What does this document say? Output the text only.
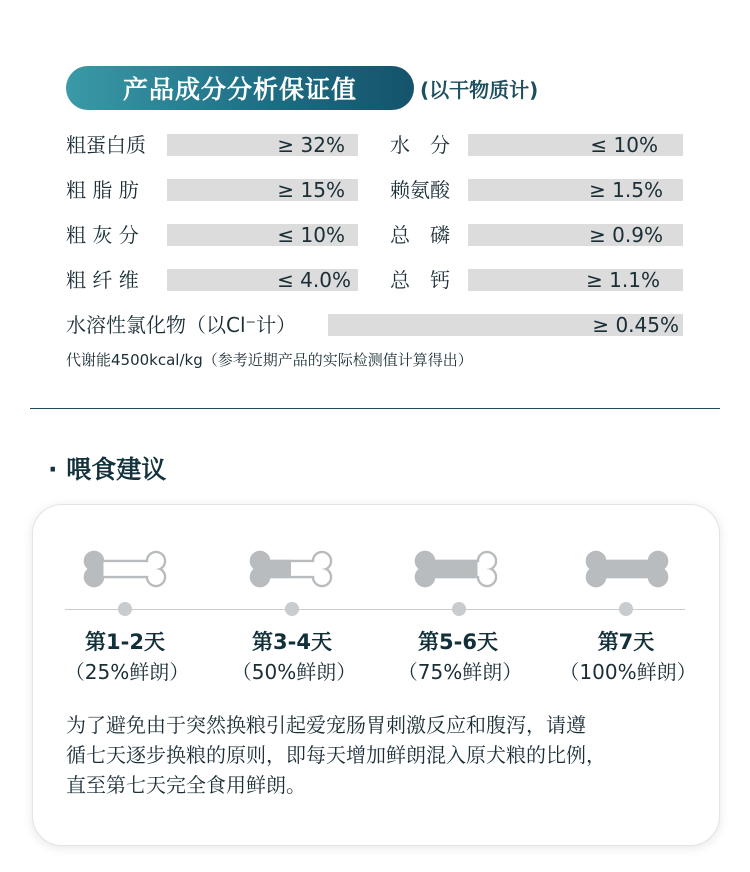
产品成分分析保证值	(以干物质计)
粗蛋白质	≥ 32% 水　分	≤ 10%
粗 脂 肪	≥ 15% 赖氨酸	≥ 1.5%
粗 灰 分	≤ 10% 总　磷	≥ 0.9%
粗 纤 维	≤ 4.0% 总　钙	≥ 1.1%
水溶性氯化物（以Cl⁻计）	≥ 0.45%
代谢能4500kcal/kg（参考近期产品的实际检测值计算得出）
· 喂食建议
第1-2天
（25%鲜朗）
第3-4天
（50%鲜朗）
第5-6天
（75%鲜朗）
第7天
（100%鲜朗）
为了避免由于突然换粮引起爱宠肠胃刺激反应和腹泻，请遵
循七天逐步换粮的原则，即每天增加鲜朗混入原犬粮的比例，
直至第七天完全食用鲜朗。
